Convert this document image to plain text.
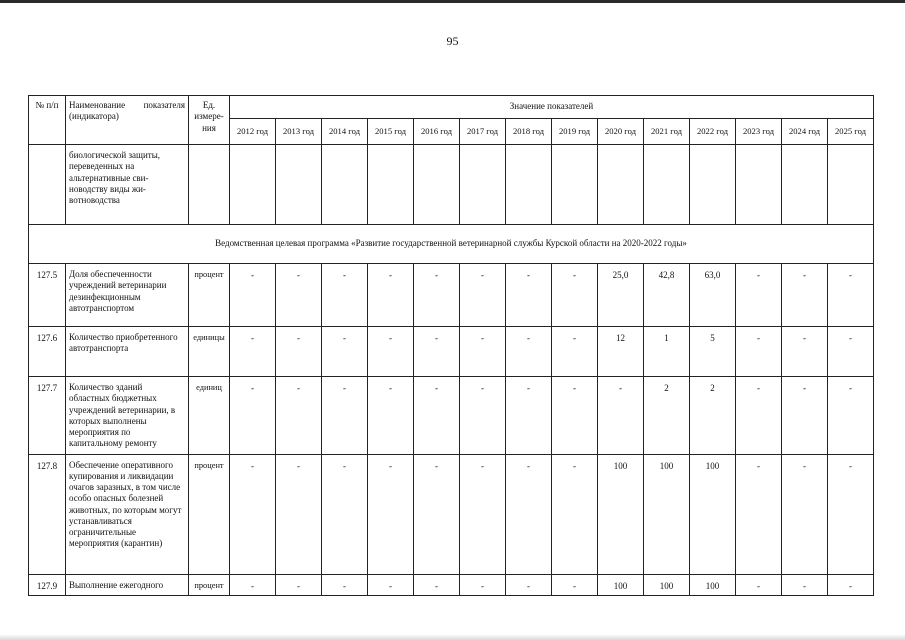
95
№ п/п	Наименование показателя (индикатора)	Ед. измере-ния	Значение показателей													
			2012 год	2013 год	2014 год	2015 год	2016 год	2017 год	2018 год	2019 год	2020 год	2021 год	2022 год	2023 год	2024 год	2025 год
	биологической защиты, переведенных на альтернативные сви-новодству виды жи-вотноводства															
Ведомственная целевая программа «Развитие государственной ветеринарной службы Курской области на 2020-2022 годы»																
127.5	Доля обеспеченности учреждений ветеринарии дезинфекционным автотранспортом	процент	-	-	-	-	-	-	-	-	25,0	42,8	63,0	-	-	-
127.6	Количество приобретенного автотранспорта	единицы	-	-	-	-	-	-	-	-	12	1	5	-	-	-
127.7	Количество зданий областных бюджетных учреждений ветеринарии, в которых выполнены мероприятия по капитальному ремонту	единиц	-	-	-	-	-	-	-	-	-	2	2	-	-	-
127.8	Обеспечение оперативного купирования и ликвидации очагов заразных, в том числе особо опасных болезней животных, по которым могут устанавливаться ограничительные мероприятия (карантин)	процент	-	-	-	-	-	-	-	-	100	100	100	-	-	-
127.9	Выполнение ежегодного	процент	-	-	-	-	-	-	-	-	100	100	100	-	-	-
